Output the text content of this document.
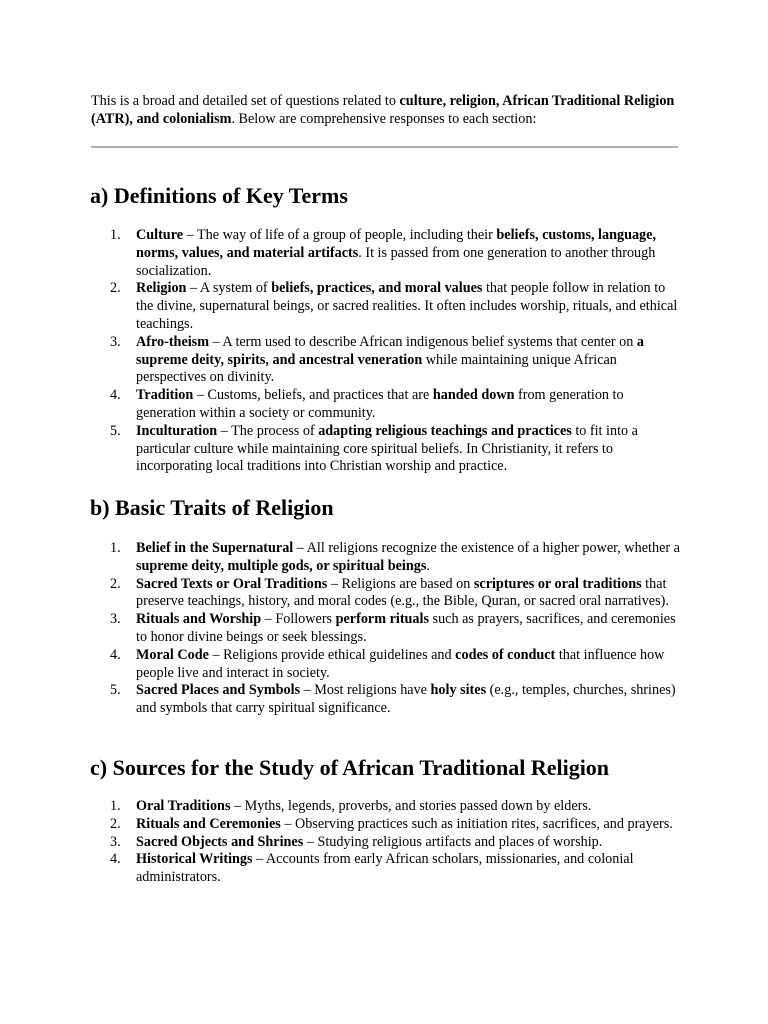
This is a broad and detailed set of questions related to culture, religion, African Traditional Religion (ATR), and colonialism. Below are comprehensive responses to each section:

a) Definitions of Key Terms
1.	Culture – The way of life of a group of people, including their beliefs, customs, language, norms, values, and material artifacts. It is passed from one generation to another through socialization.
2.	Religion – A system of beliefs, practices, and moral values that people follow in relation to the divine, supernatural beings, or sacred realities. It often includes worship, rituals, and ethical teachings.
3.	Afro-theism – A term used to describe African indigenous belief systems that center on a supreme deity, spirits, and ancestral veneration while maintaining unique African perspectives on divinity.
4.	Tradition – Customs, beliefs, and practices that are handed down from generation to generation within a society or community.
5.	Inculturation – The process of adapting religious teachings and practices to fit into a particular culture while maintaining core spiritual beliefs. In Christianity, it refers to incorporating local traditions into Christian worship and practice.
b) Basic Traits of Religion
1.	Belief in the Supernatural – All religions recognize the existence of a higher power, whether a supreme deity, multiple gods, or spiritual beings.
2.	Sacred Texts or Oral Traditions – Religions are based on scriptures or oral traditions that preserve teachings, history, and moral codes (e.g., the Bible, Quran, or sacred oral narratives).
3.	Rituals and Worship – Followers perform rituals such as prayers, sacrifices, and ceremonies to honor divine beings or seek blessings.
4.	Moral Code – Religions provide ethical guidelines and codes of conduct that influence how people live and interact in society.
5.	Sacred Places and Symbols – Most religions have holy sites (e.g., temples, churches, shrines) and symbols that carry spiritual significance.
c) Sources for the Study of African Traditional Religion
1.	Oral Traditions – Myths, legends, proverbs, and stories passed down by elders.
2.	Rituals and Ceremonies – Observing practices such as initiation rites, sacrifices, and prayers.
3.	Sacred Objects and Shrines – Studying religious artifacts and places of worship.
4.	Historical Writings – Accounts from early African scholars, missionaries, and colonial administrators.
